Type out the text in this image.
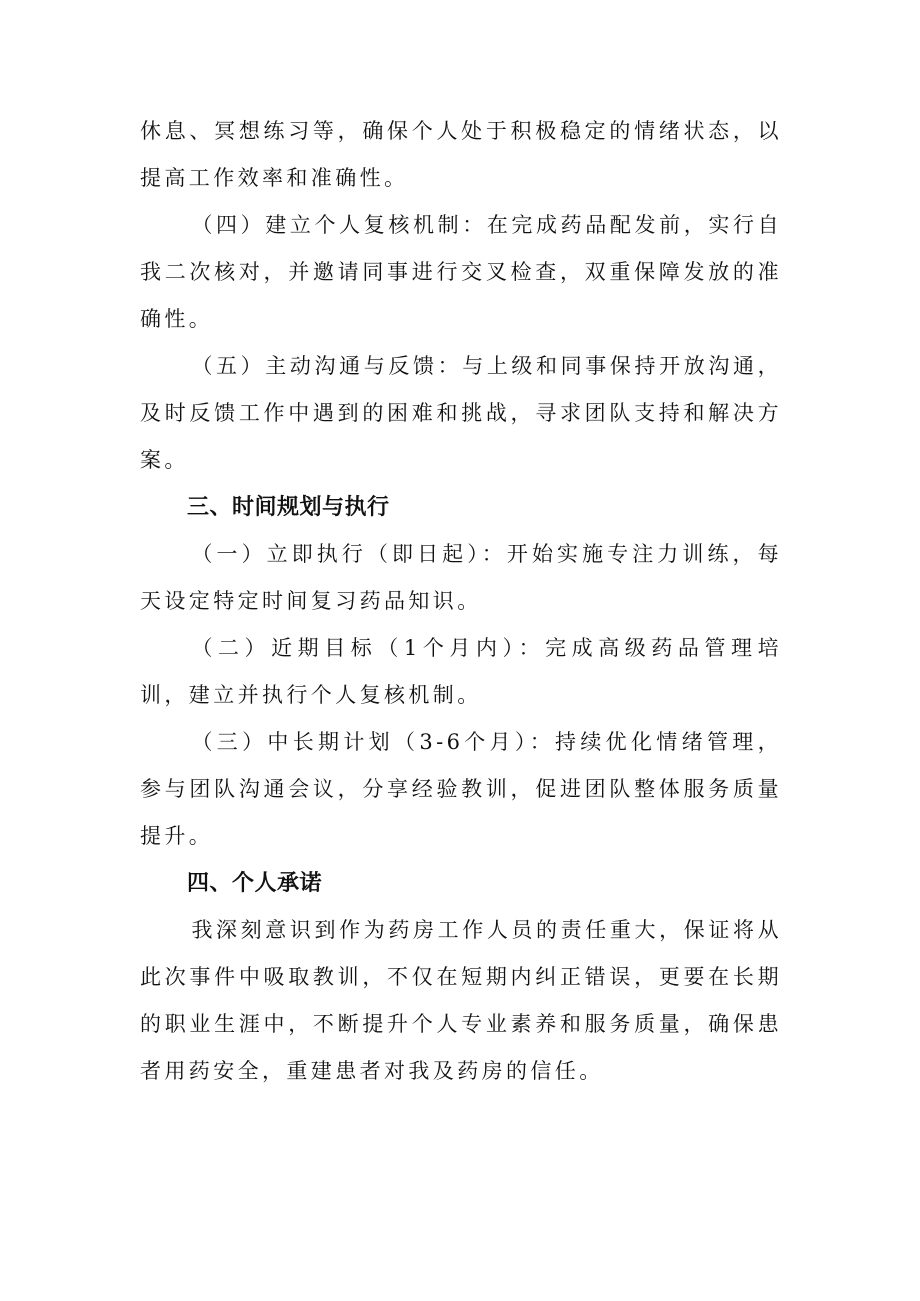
休息、冥想练习等，确保个人处于积极稳定的情绪状态，以提高工作效率和准确性。

（四）建立个人复核机制：在完成药品配发前，实行自我二次核对，并邀请同事进行交叉检查，双重保障发放的准确性。

（五）主动沟通与反馈：与上级和同事保持开放沟通，及时反馈工作中遇到的困难和挑战，寻求团队支持和解决方案。

三、时间规划与执行

（一）立即执行（即日起）：开始实施专注力训练，每天设定特定时间复习药品知识。

（二）近期目标（1个月内）：完成高级药品管理培训，建立并执行个人复核机制。

（三）中长期计划（3-6个月）：持续优化情绪管理，参与团队沟通会议，分享经验教训，促进团队整体服务质量提升。

四、个人承诺

我深刻意识到作为药房工作人员的责任重大，保证将从此次事件中吸取教训，不仅在短期内纠正错误，更要在长期的职业生涯中，不断提升个人专业素养和服务质量，确保患者用药安全，重建患者对我及药房的信任。
